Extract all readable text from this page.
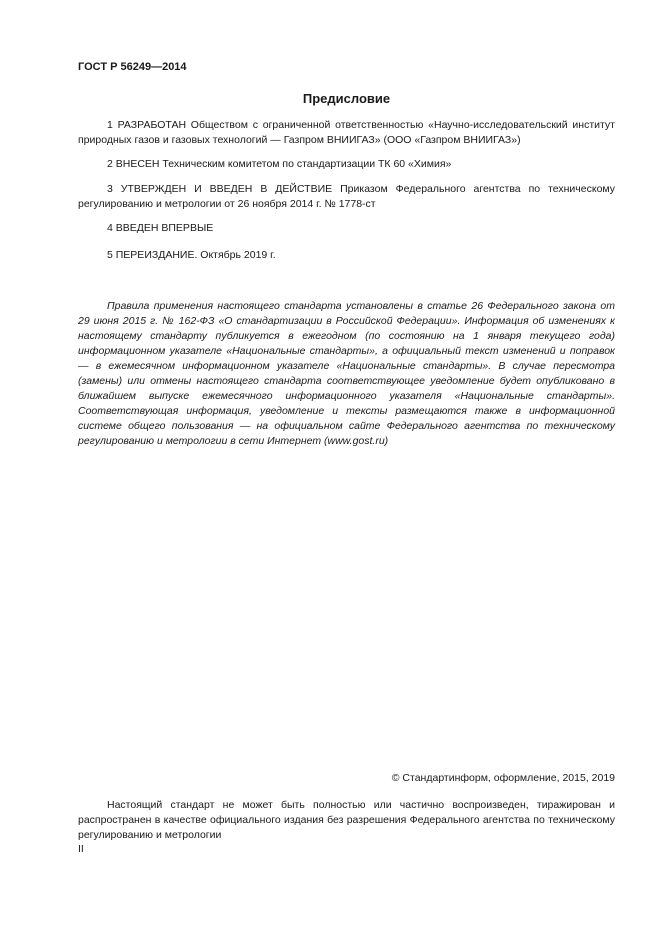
ГОСТ Р 56249—2014
Предисловие

1 РАЗРАБОТАН Обществом с ограниченной ответственностью «Научно-исследовательский институт природных газов и газовых технологий — Газпром ВНИИГАЗ» (ООО «Газпром ВНИИГАЗ»)

2 ВНЕСЕН Техническим комитетом по стандартизации ТК 60 «Химия»

3 УТВЕРЖДЕН И ВВЕДЕН В ДЕЙСТВИЕ Приказом Федерального агентства по техническому регулированию и метрологии от 26 ноября 2014 г. № 1778-ст

4 ВВЕДЕН ВПЕРВЫЕ

5 ПЕРЕИЗДАНИЕ. Октябрь 2019 г.

Правила применения настоящего стандарта установлены в статье 26 Федерального закона от 29 июня 2015 г. № 162-ФЗ «О стандартизации в Российской Федерации». Информация об изменениях к настоящему стандарту публикуется в ежегодном (по состоянию на 1 января текущего года) информационном указателе «Национальные стандарты», а официальный текст изменений и поправок — в ежемесячном информационном указателе «Национальные стандарты». В случае пересмотра (замены) или отмены настоящего стандарта соответствующее уведомление будет опубликовано в ближайшем выпуске ежемесячного информационного указателя «Национальные стандарты». Соответствующая информация, уведомление и тексты размещаются также в информационной системе общего пользования — на официальном сайте Федерального агентства по техническому регулированию и метрологии в сети Интернет (www.gost.ru)

© Стандартинформ, оформление, 2015, 2019

Настоящий стандарт не может быть полностью или частично воспроизведен, тиражирован и распространен в качестве официального издания без разрешения Федерального агентства по техническому регулированию и метрологии

II
